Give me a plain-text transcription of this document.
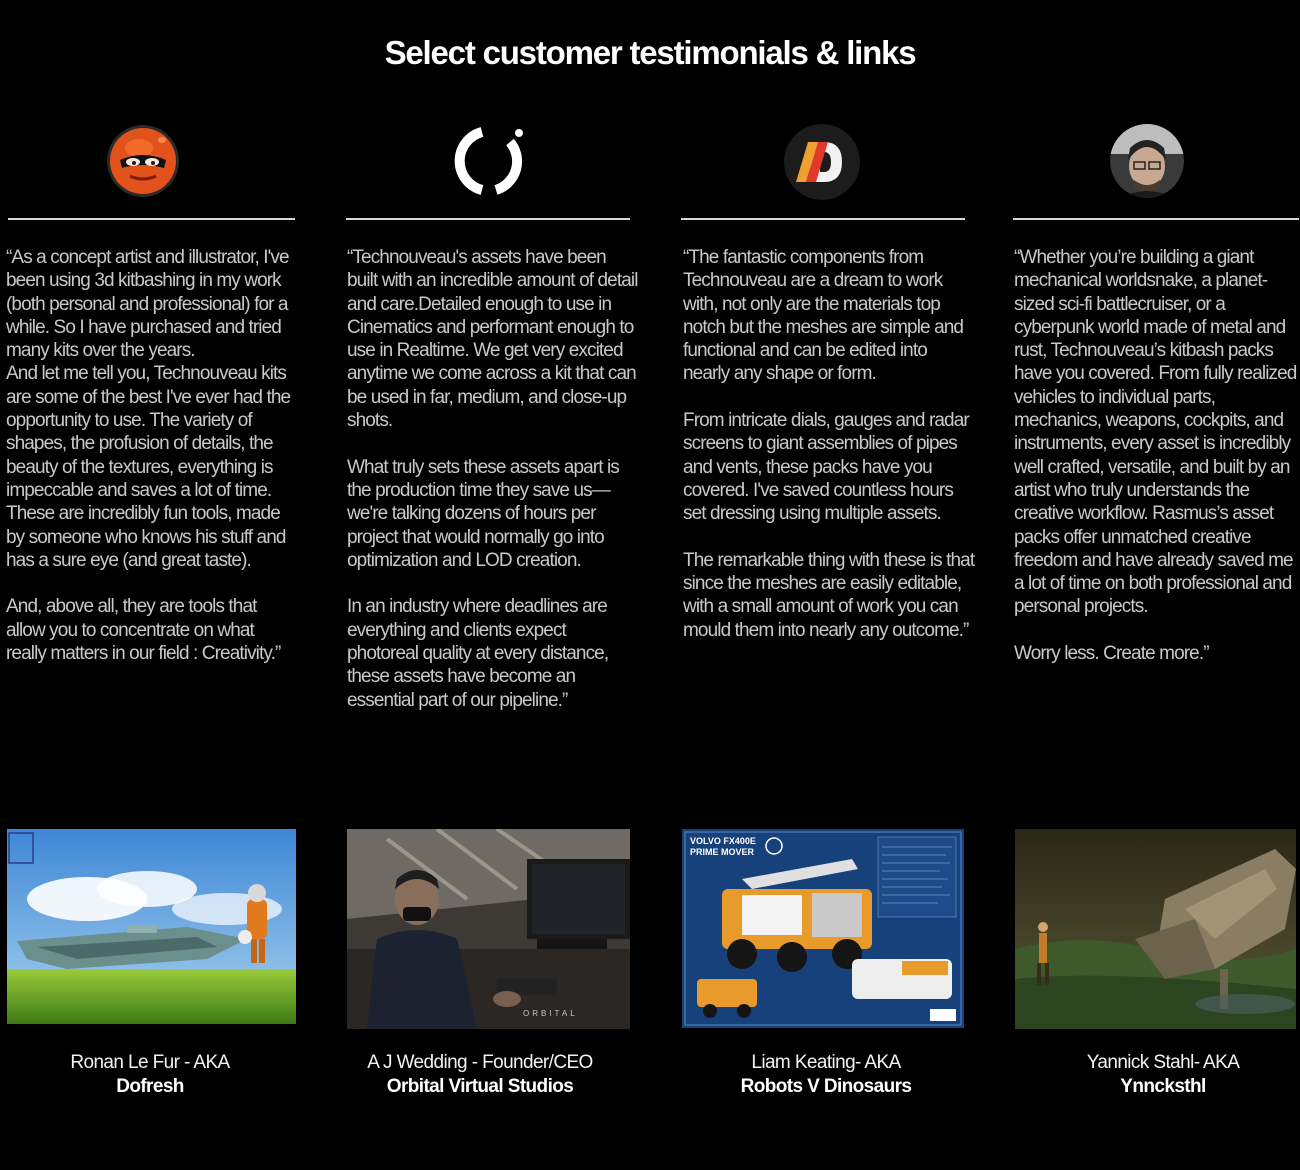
Select customer testimonials & links

“As a concept artist and illustrator, I've been using 3d kitbashing in my work (both personal and professional) for a while. So I have purchased and tried many kits over the years.
And let me tell you, Technouveau kits are some of the best I've ever had the opportunity to use. The variety of shapes, the profusion of details, the beauty of the textures, everything is impeccable and saves a lot of time. These are incredibly fun tools, made by someone who knows his stuff and has a sure eye (and great taste).

And, above all, they are tools that allow you to concentrate on what really matters in our field : Creativity.”

Ronan Le Fur - AKA
Dofresh

“Technouveau's assets have been built with an incredible amount of detail and care.Detailed enough to use in Cinematics and performant enough to use in Realtime. We get very excited anytime we come across a kit that can be used in far, medium, and close-up shots.

What truly sets these assets apart is the production time they save us—we're talking dozens of hours per project that would normally go into optimization and LOD creation.

In an industry where deadlines are everything and clients expect photoreal quality at every distance, these assets have become an essential part of our pipeline.”

ORBITAL
A J Wedding - Founder/CEO
Orbital Virtual Studios

“The fantastic components from Technouveau are a dream to work with, not only are the materials top notch but the meshes are simple and functional and can be edited into nearly any shape or form.

From intricate dials, gauges and radar screens to giant assemblies of pipes and vents, these packs have you covered. I've saved countless hours set dressing using multiple assets.

The remarkable thing with these is that since the meshes are easily editable, with a small amount of work you can mould them into nearly any outcome.”

VOLVO FX400E
PRIME MOVER
Liam Keating- AKA
Robots V Dinosaurs

“Whether you’re building a giant mechanical worldsnake, a planet-sized sci-fi battlecruiser, or a cyberpunk world made of metal and rust, Technouveau’s kitbash packs have you covered. From fully realized vehicles to individual parts, mechanics, weapons, cockpits, and instruments, every asset is incredibly well crafted, versatile, and built by an artist who truly understands the creative workflow. Rasmus’s asset packs offer unmatched creative freedom and have already saved me a lot of time on both professional and personal projects.

Worry less. Create more.”

Yannick Stahl- AKA
Ynncksthl
